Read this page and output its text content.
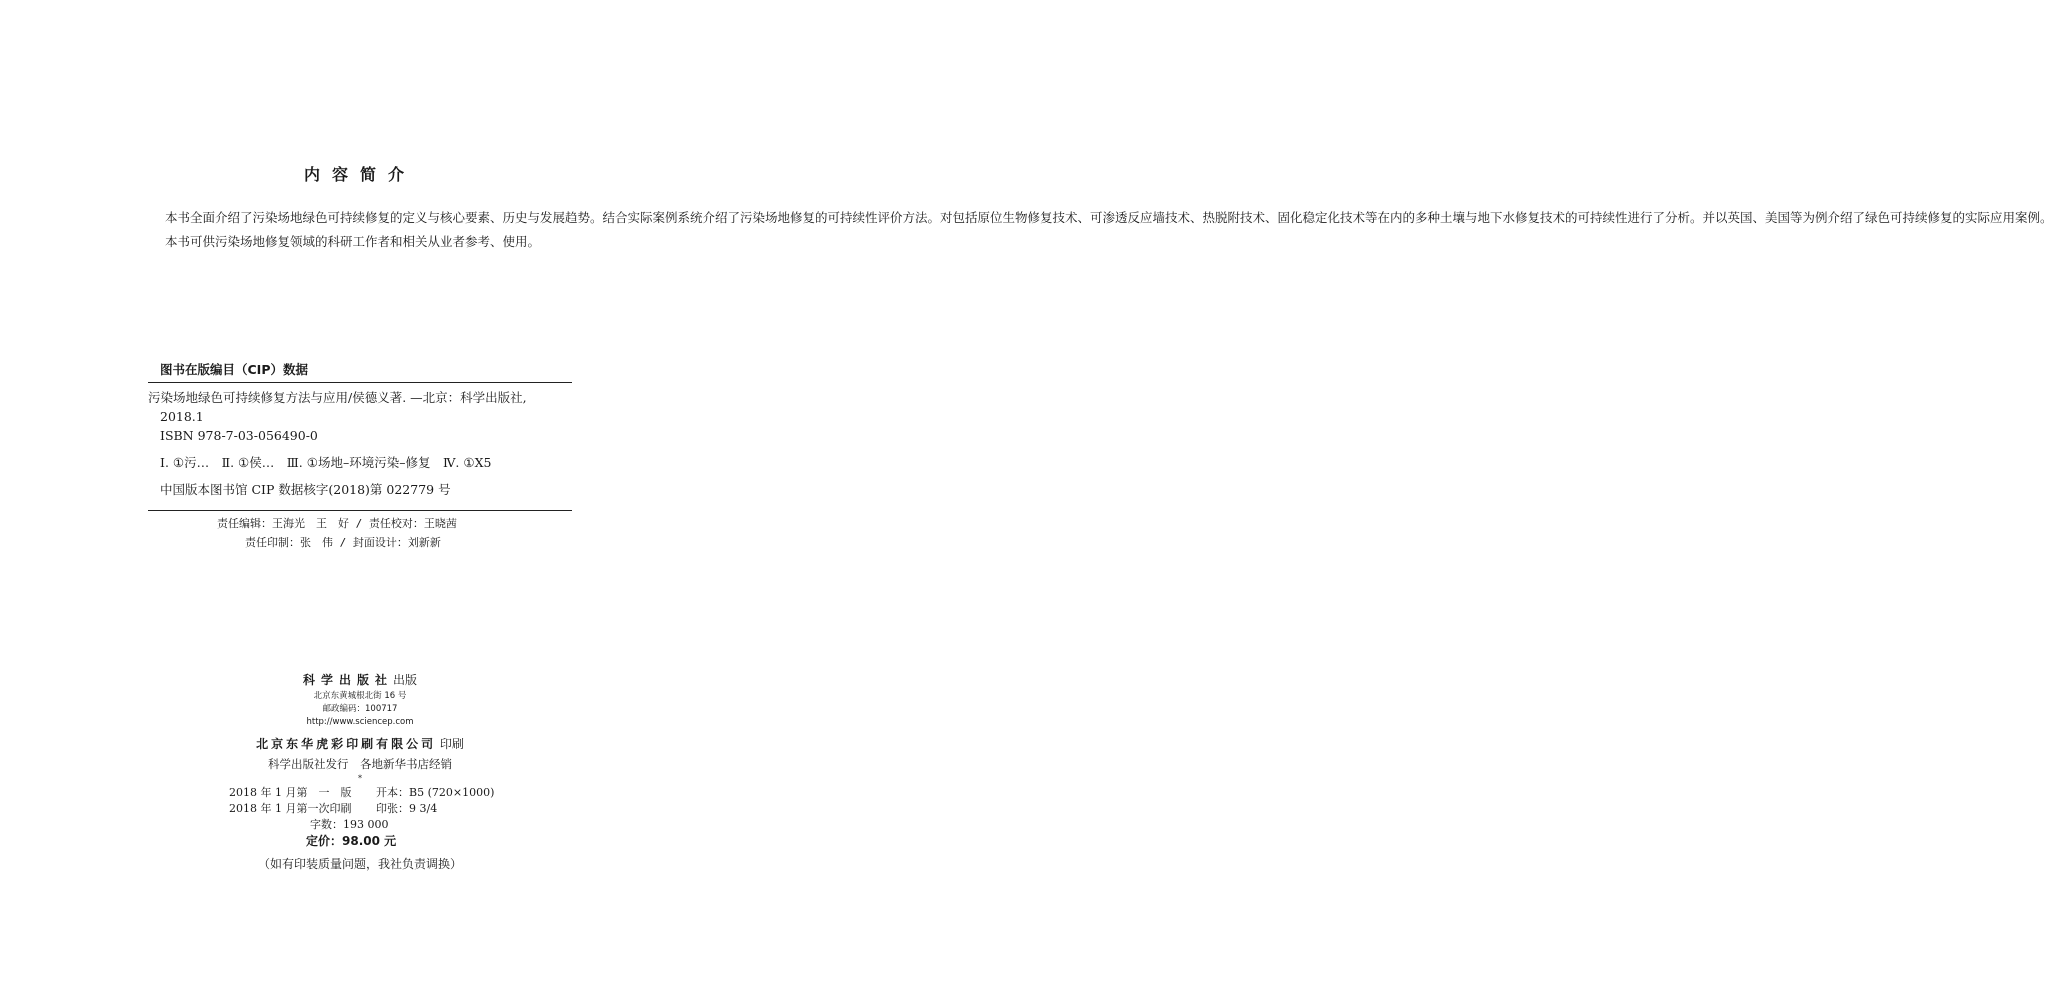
内容简介

本书全面介绍了污染场地绿色可持续修复的定义与核心要素、历史与发展趋势。结合实际案例系统介绍了污染场地修复的可持续性评价方法。对包括原位生物修复技术、可渗透反应墙技术、热脱附技术、固化稳定化技术等在内的多种土壤与地下水修复技术的可持续性进行了分析。并以英国、美国等为例介绍了绿色可持续修复的实际应用案例。

本书可供污染场地修复领域的科研工作者和相关从业者参考、使用。

图书在版编目（CIP）数据
污染场地绿色可持续修复方法与应用/侯德义著. —北京：科学出版社,
2018.1
ISBN 978-7-03-056490-0
Ⅰ. ①污…　Ⅱ. ①侯…　Ⅲ. ①场地–环境污染–修复　Ⅳ. ①X5
中国版本图书馆 CIP 数据核字(2018)第 022779 号
责任编辑：王海光　王　好 / 责任校对：王晓茜
责任印制：张　伟 / 封面设计：刘新新
科学出版社出版
北京东黄城根北街 16 号
邮政编码：100717
http://www.sciencep.com
北京东华虎彩印刷有限公司 印刷
科学出版社发行　各地新华书店经销
*
2018 年 1 月第　一　版 开本：B5 (720×1000)
2018 年 1 月第一次印刷 印张：9 3/4
字数：193 000
定价：98.00 元
（如有印装质量问题，我社负责调换）
